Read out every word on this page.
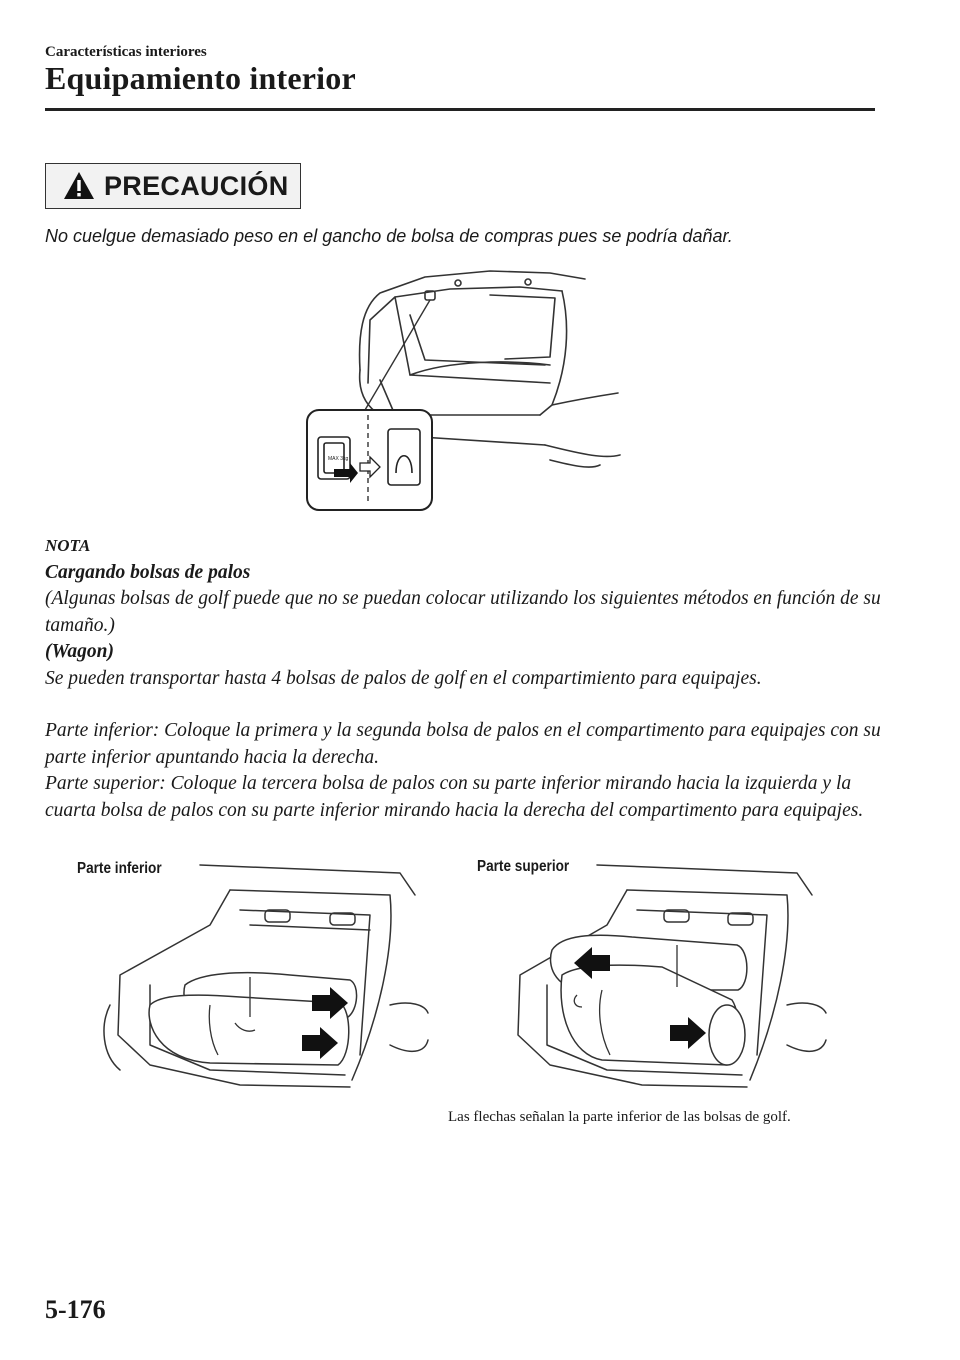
Características interiores
Equipamiento interior
PRECAUCIÓN
No cuelgue demasiado peso en el gancho de bolsa de compras pues se podría dañar.
MAX 3kg

NOTA

Cargando bolsas de palos

(Algunas bolsas de golf puede que no se puedan colocar utilizando los siguientes métodos en función de su tamaño.)

(Wagon)

Se pueden transportar hasta 4 bolsas de palos de golf en el compartimiento para equipajes.

Parte inferior: Coloque la primera y la segunda bolsa de palos en el compartimento para equipajes con su parte inferior apuntando hacia la derecha.

Parte superior: Coloque la tercera bolsa de palos con su parte inferior mirando hacia la izquierda y la cuarta bolsa de palos con su parte inferior mirando hacia la derecha del compartimento para equipajes.

Parte inferior	Parte superior
Las flechas señalan la parte inferior de las bolsas de golf.
5-176
